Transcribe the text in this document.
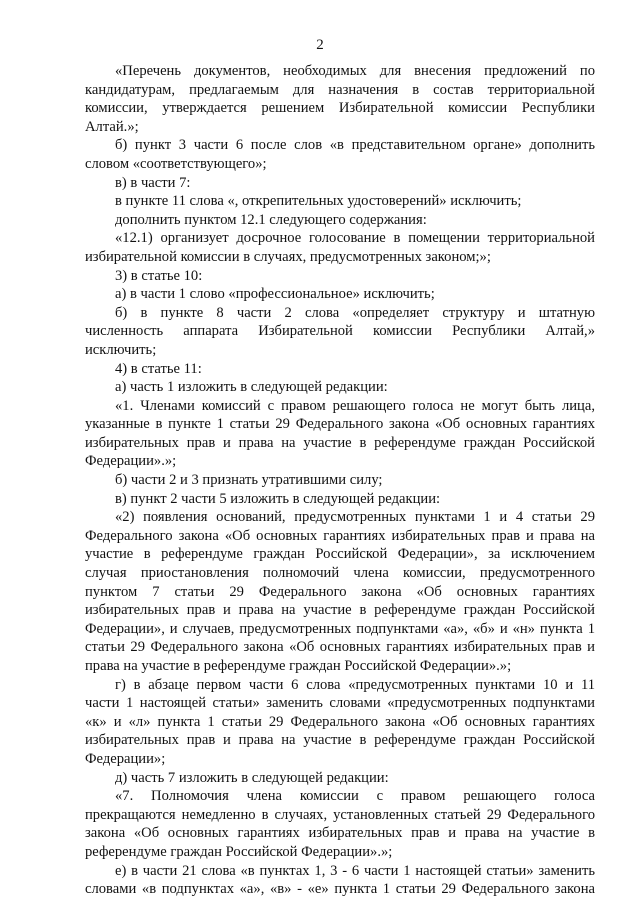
2
«Перечень документов, необходимых для внесения предложений по
кандидатурам, предлагаемым для назначения в состав территориальной
комиссии, утверждается решением Избирательной комиссии Республики
Алтай.»;
б) пункт 3 части 6 после слов «в представительном органе» дополнить
словом «соответствующего»;
в) в части 7:
в пункте 11 слова «, открепительных удостоверений» исключить;
дополнить пунктом 12.1 следующего содержания:
«12.1) организует досрочное голосование в помещении территориальной
избирательной комиссии в случаях, предусмотренных законом;»;
3) в статье 10:
а) в части 1 слово «профессиональное» исключить;
б) в пункте 8 части 2 слова «определяет структуру и штатную
численность аппарата Избирательной комиссии Республики Алтай,»
исключить;
4) в статье 11:
а) часть 1 изложить в следующей редакции:
«1. Членами комиссий с правом решающего голоса не могут быть лица,
указанные в пункте 1 статьи 29 Федерального закона «Об основных гарантиях
избирательных прав и права на участие в референдуме граждан Российской
Федерации».»;
б) части 2 и 3 признать утратившими силу;
в) пункт 2 части 5 изложить в следующей редакции:
«2) появления оснований, предусмотренных пунктами 1 и 4 статьи 29
Федерального закона «Об основных гарантиях избирательных прав и права на
участие в референдуме граждан Российской Федерации», за исключением
случая приостановления полномочий члена комиссии, предусмотренного
пунктом 7 статьи 29 Федерального закона «Об основных гарантиях
избирательных прав и права на участие в референдуме граждан Российской
Федерации», и случаев, предусмотренных подпунктами «а», «б» и «н» пункта 1
статьи 29 Федерального закона «Об основных гарантиях избирательных прав и
права на участие в референдуме граждан Российской Федерации».»;
г) в абзаце первом части 6 слова «предусмотренных пунктами 10 и 11
части 1 настоящей статьи» заменить словами «предусмотренных подпунктами
«к» и «л» пункта 1 статьи 29 Федерального закона «Об основных гарантиях
избирательных прав и права на участие в референдуме граждан Российской
Федерации»;
д) часть 7 изложить в следующей редакции:
«7. Полномочия члена комиссии с правом решающего голоса
прекращаются немедленно в случаях, установленных статьей 29 Федерального
закона «Об основных гарантиях избирательных прав и права на участие в
референдуме граждан Российской Федерации».»;
е) в части 21 слова «в пунктах 1, 3 - 6 части 1 настоящей статьи» заменить
словами «в подпунктах «а», «в» - «е» пункта 1 статьи 29 Федерального закона
